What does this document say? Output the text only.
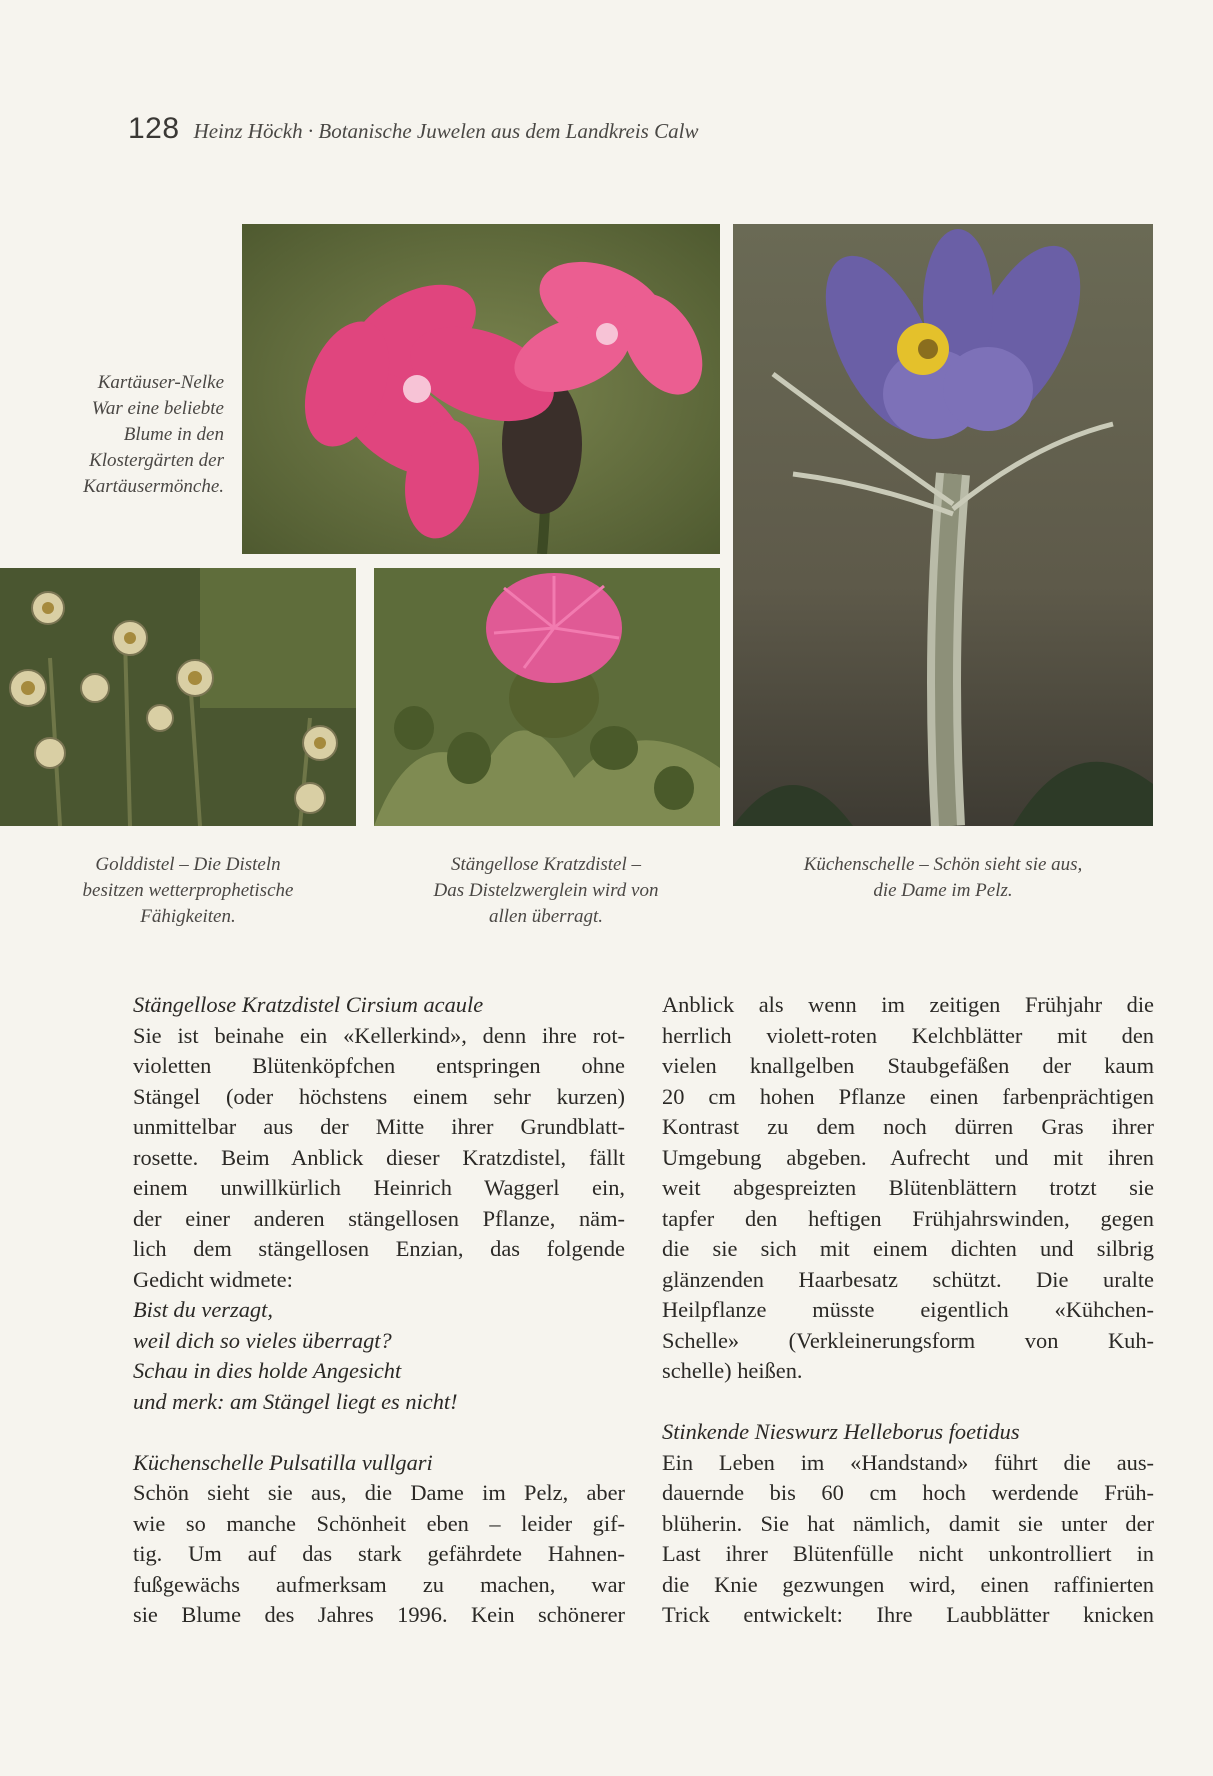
128 Heinz Höckh · Botanische Juwelen aus dem Landkreis Calw
Kartäuser-Nelke
War eine beliebte
Blume in den
Klostergärten der
Kartäusermönche.
Golddistel – Die Disteln
besitzen wetterprophetische
Fähigkeiten.
Stängellose Kratzdistel –
Das Distelzwerglein wird von
allen überragt.
Küchenschelle – Schön sieht sie aus,
die Dame im Pelz.
Stängellose Kratzdistel Cirsium acaule
Sie ist beinahe ein «Kellerkind», denn ihre rot-
violetten Blütenköpfchen entspringen ohne
Stängel (oder höchstens einem sehr kurzen)
unmittelbar aus der Mitte ihrer Grundblatt-
rosette. Beim Anblick dieser Kratzdistel, fällt
einem unwillkürlich Heinrich Waggerl ein,
der einer anderen stängellosen Pflanze, näm-
lich dem stängellosen Enzian, das folgende
Gedicht widmete:
Bist du verzagt,
weil dich so vieles überragt?
Schau in dies holde Angesicht
und merk: am Stängel liegt es nicht!
Küchenschelle Pulsatilla vullgari
Schön sieht sie aus, die Dame im Pelz, aber
wie so manche Schönheit eben – leider gif-
tig. Um auf das stark gefährdete Hahnen-
fußgewächs aufmerksam zu machen, war
sie Blume des Jahres 1996. Kein schönerer
Anblick als wenn im zeitigen Frühjahr die
herrlich violett-roten Kelchblätter mit den
vielen knallgelben Staubgefäßen der kaum
20 cm hohen Pflanze einen farbenprächtigen
Kontrast zu dem noch dürren Gras ihrer
Umgebung abgeben. Aufrecht und mit ihren
weit abgespreizten Blütenblättern trotzt sie
tapfer den heftigen Frühjahrswinden, gegen
die sie sich mit einem dichten und silbrig
glänzenden Haarbesatz schützt. Die uralte
Heilpflanze müsste eigentlich «Kühchen-
Schelle» (Verkleinerungsform von Kuh-
schelle) heißen.
Stinkende Nieswurz Helleborus foetidus
Ein Leben im «Handstand» führt die aus-
dauernde bis 60 cm hoch werdende Früh-
blüherin. Sie hat nämlich, damit sie unter der
Last ihrer Blütenfülle nicht unkontrolliert in
die Knie gezwungen wird, einen raffinierten
Trick entwickelt: Ihre Laubblätter knicken
